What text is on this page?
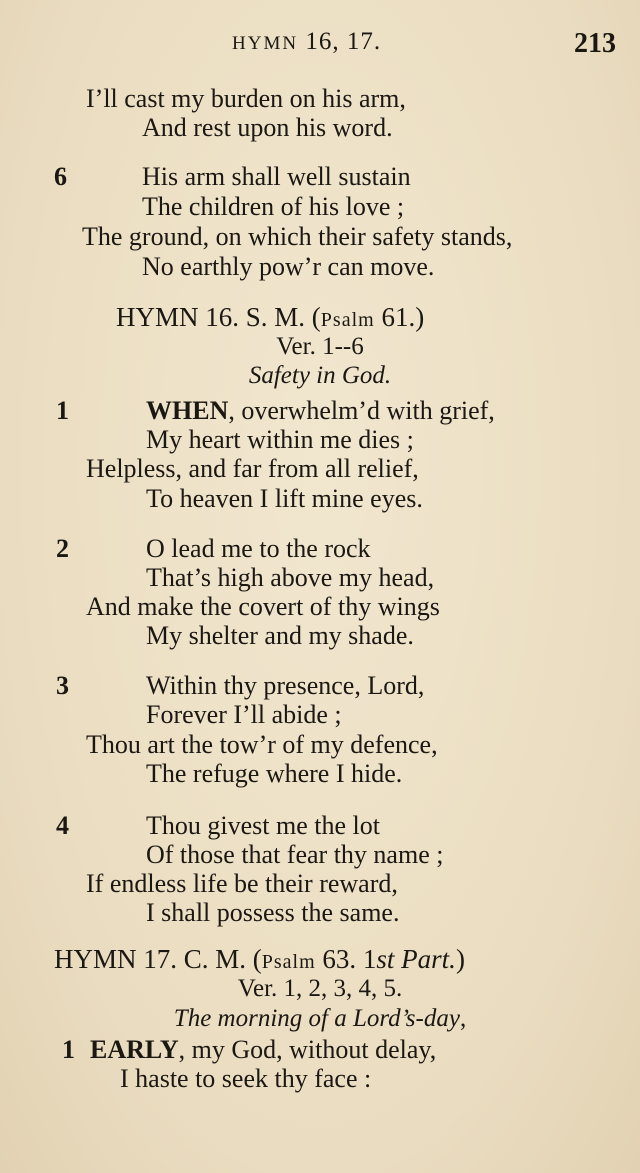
HYMN 16, 17.	213
I’ll cast my burden on his arm,
And rest upon his word.
6	His arm shall well sustain
The children of his love ;
The ground, on which their safety stands,
No earthly pow’r can move.
HYMN 16. S. M. (Psalm 61.)
Ver. 1--6
Safety in God.
1	WHEN, overwhelm’d with grief,
My heart within me dies ;
Helpless, and far from all relief,
To heaven I lift mine eyes.
2	O lead me to the rock
That’s high above my head,
And make the covert of thy wings
My shelter and my shade.
3	Within thy presence, Lord,
Forever I’ll abide ;
Thou art the tow’r of my defence,
The refuge where I hide.
4	Thou givest me the lot
Of those that fear thy name ;
If endless life be their reward,
I shall possess the same.
HYMN 17. C. M. (Psalm 63. 1st Part.)
Ver. 1, 2, 3, 4, 5.
The morning of a Lord’s-day,
1 EARLY, my God, without delay,
I haste to seek thy face :
